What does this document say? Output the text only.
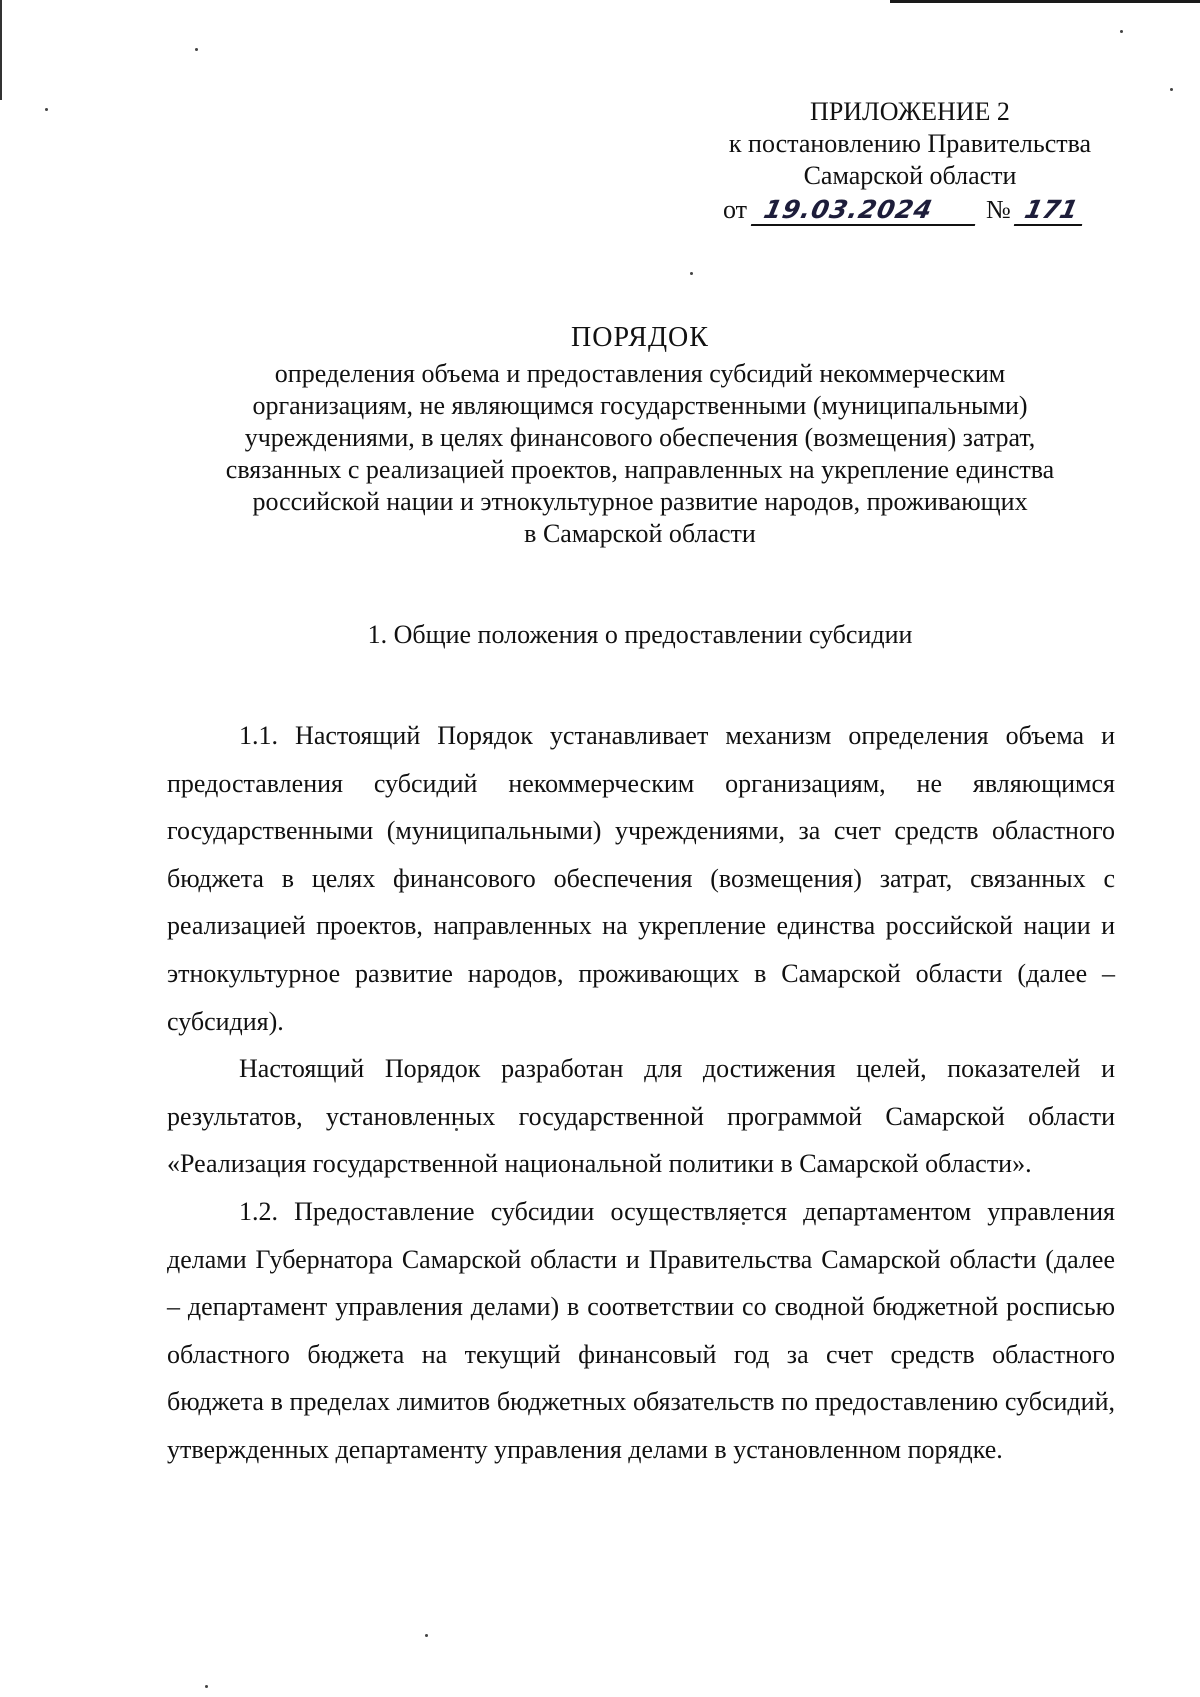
ПРИЛОЖЕНИЕ 2
к постановлению Правительства
Самарской области
от 19.03.2024 № 171
ПОРЯДОК
определения объема и предоставления субсидий некоммерческим
организациям, не являющимся государственными (муниципальными)
учреждениями, в целях финансового обеспечения (возмещения) затрат,
связанных с реализацией проектов, направленных на укрепление единства
российской нации и этнокультурное развитие народов, проживающих
в Самарской области
1. Общие положения о предоставлении субсидии

1.1. Настоящий Порядок устанавливает механизм определения объема и предоставления субсидий некоммерческим организациям, не являющимся государственными (муниципальными) учреждениями, за счет средств областного бюджета в целях финансового обеспечения (возмещения) затрат, связанных с реализацией проектов, направленных на укрепление единства российской нации и этнокультурное развитие народов, проживающих в Самарской области (далее – субсидия).

Настоящий Порядок разработан для достижения целей, показателей и результатов, установленных государственной программой Самарской области «Реализация государственной национальной политики в Самарской области».

1.2. Предоставление субсидии осуществляется департаментом управления делами Губернатора Самарской области и Правительства Самарской области (далее – департамент управления делами) в соответствии со сводной бюджетной росписью областного бюджета на текущий финансовый год за счет средств областного бюджета в пределах лимитов бюджетных обязательств по предоставлению субсидий, утвержденных департаменту управления делами в установленном порядке.
